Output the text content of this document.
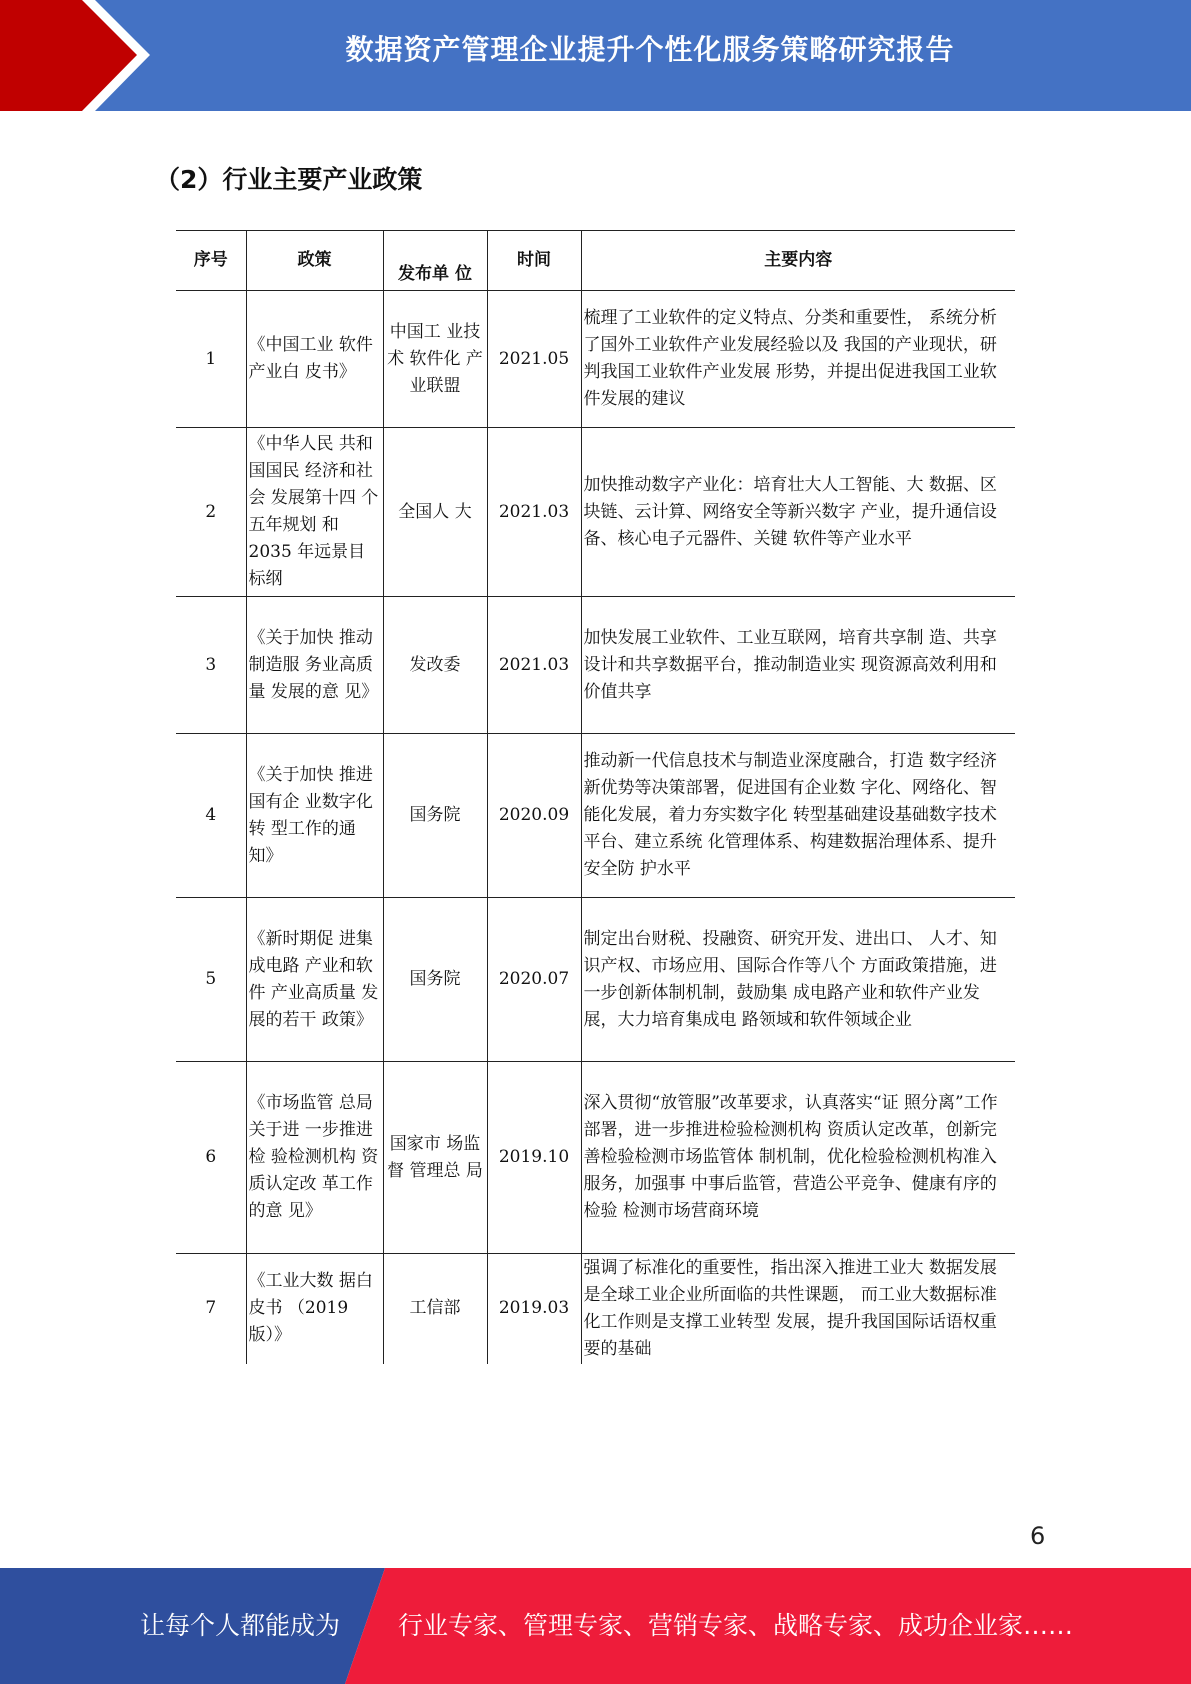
数据资产管理企业提升个性化服务策略研究报告
（2）行业主要产业政策
序号	政策	发布单 位	时间	主要内容
1	《中国工业 软件产业白 皮书》	中国工 业技术 软件化 产业联盟	2021.05	梳理了工业软件的定义特点、分类和重要性， 系统分析了国外工业软件产业发展经验以及 我国的产业现状，研判我国工业软件产业发展 形势，并提出促进我国工业软件发展的建议
2	《中华人民 共和国国民 经济和社会 发展第十四 个五年规划 和 2035 年远景目标纲	全国人 大	2021.03	加快推动数字产业化：培育壮大人工智能、大 数据、区块链、云计算、网络安全等新兴数字 产业，提升通信设备、核心电子元器件、关键 软件等产业水平
3	《关于加快 推动制造服 务业高质量 发展的意 见》	发改委	2021.03	加快发展工业软件、工业互联网，培育共享制 造、共享设计和共享数据平台，推动制造业实 现资源高效利用和价值共享
4	《关于加快 推进国有企 业数字化转 型工作的通 知》	国务院	2020.09	推动新一代信息技术与制造业深度融合，打造 数字经济新优势等决策部署，促进国有企业数 字化、网络化、智能化发展，着力夯实数字化 转型基础建设基础数字技术平台、建立系统 化管理体系、构建数据治理体系、提升安全防 护水平
5	《新时期促 进集成电路 产业和软件 产业高质量 发展的若干 政策》	国务院	2020.07	制定出台财税、投融资、研究开发、进出口、 人才、知识产权、市场应用、国际合作等八个 方面政策措施，进一步创新体制机制，鼓励集 成电路产业和软件产业发展，大力培育集成电 路领域和软件领域企业
6	《市场监管 总局关于进 一步推进检 验检测机构 资质认定改 革工作的意 见》	国家市 场监督 管理总 局	2019.10	深入贯彻“放管服”改革要求，认真落实“证 照分离”工作部署，进一步推进检验检测机构 资质认定改革，创新完善检验检测市场监管体 制机制，优化检验检测机构准入服务，加强事 中事后监管，营造公平竞争、健康有序的检验 检测市场营商环境
7	《工业大数 据白皮书 （2019 版）》	工信部	2019.03	强调了标准化的重要性，指出深入推进工业大 数据发展是全球工业企业所面临的共性课题， 而工业大数据标准化工作则是支撑工业转型 发展，提升我国国际话语权重要的基础
6
让每个人都能成为 行业专家、管理专家、营销专家、战略专家、成功企业家……
